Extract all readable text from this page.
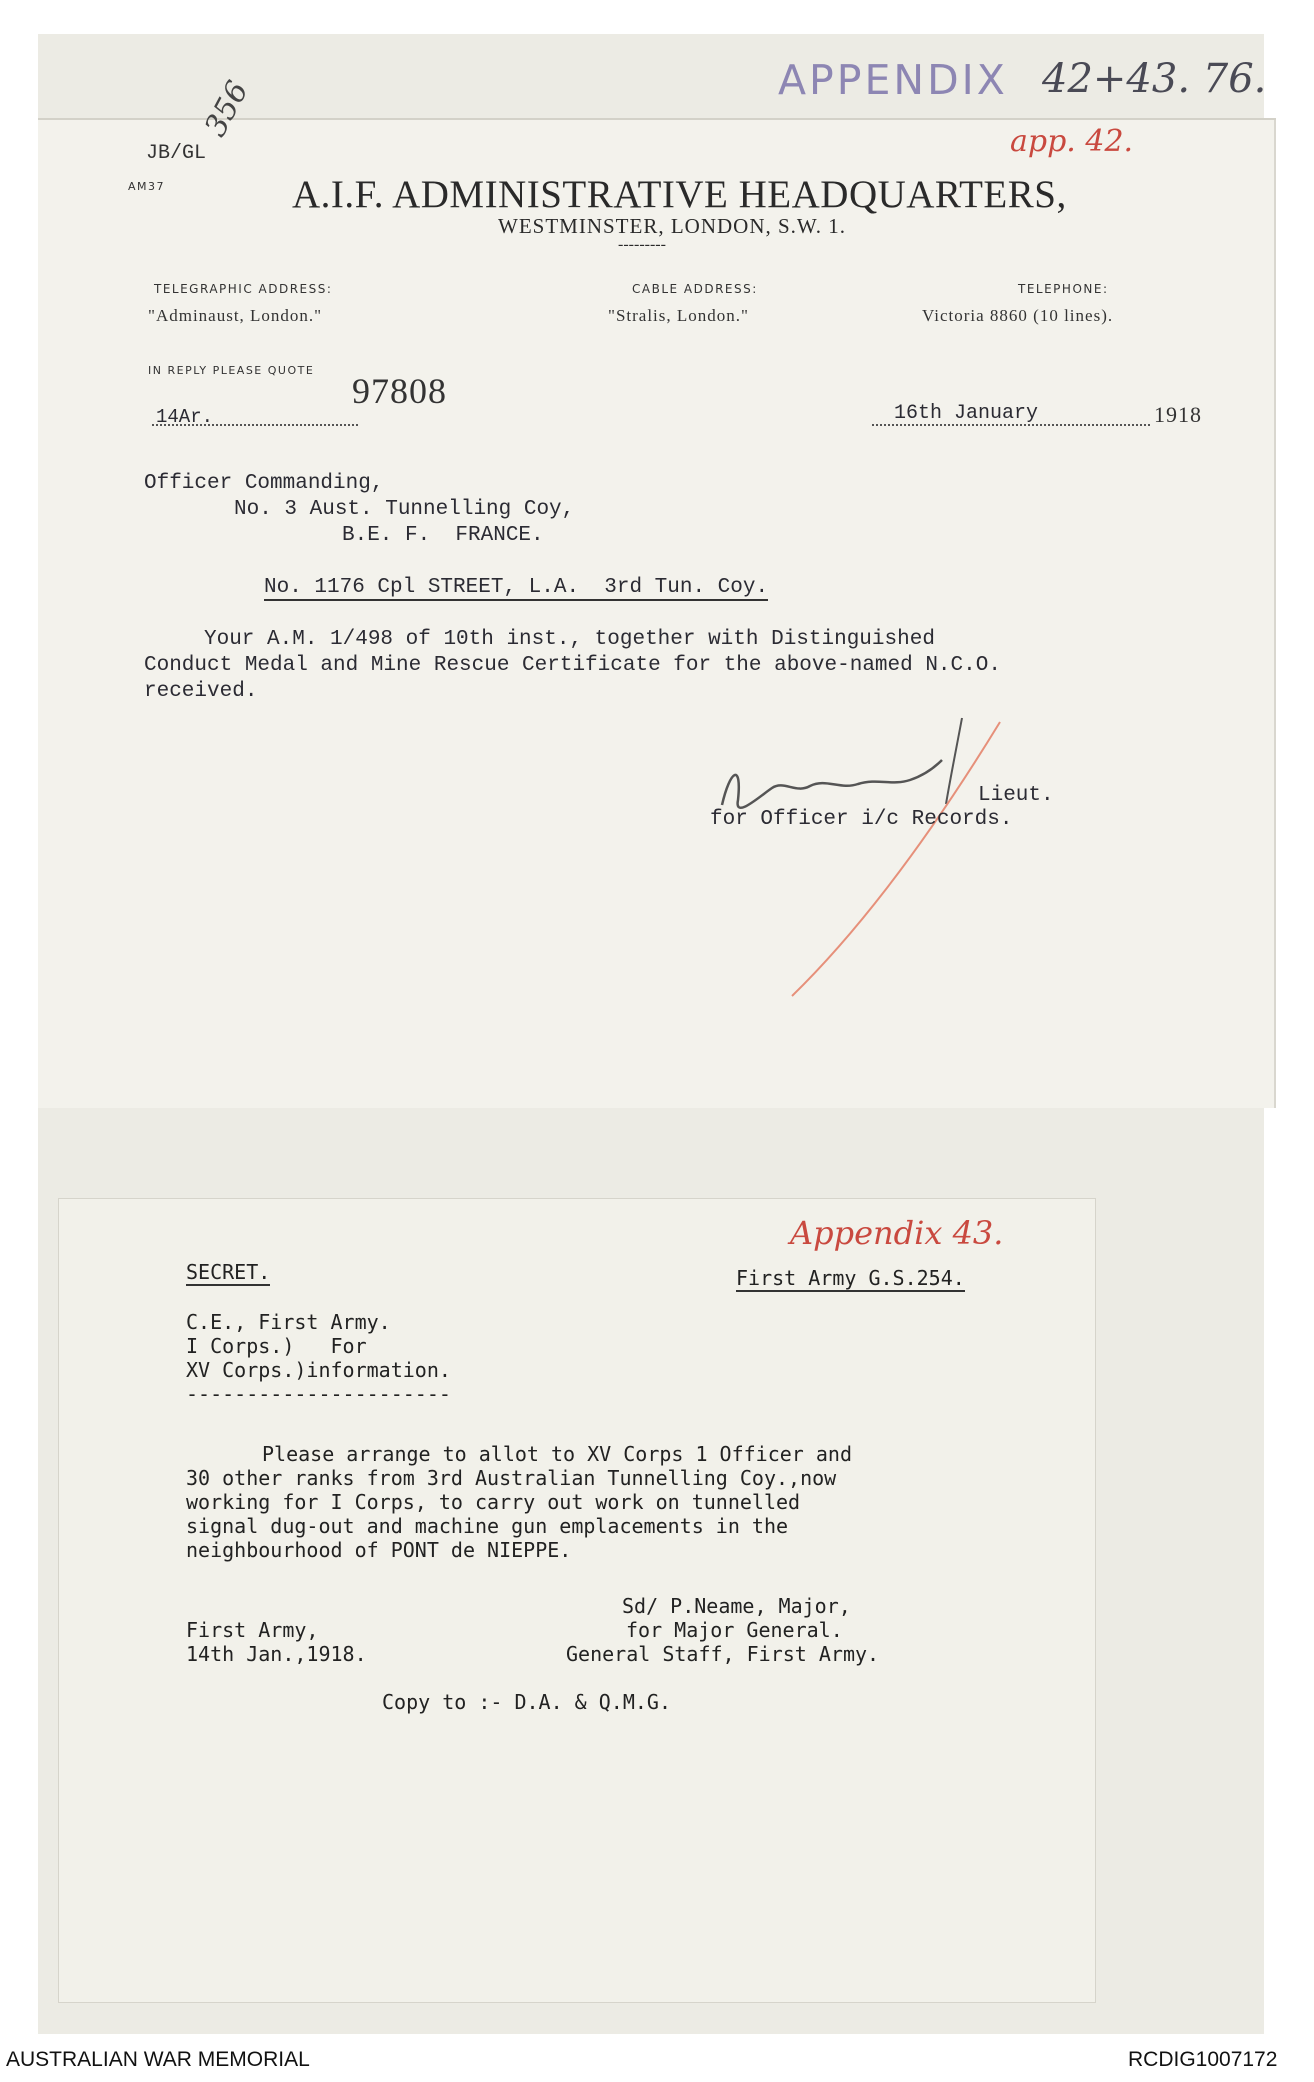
APPENDIX 42+43. 76.
app. 42.
JB/GL
356
AM37	A.I.F. ADMINISTRATIVE HEADQUARTERS,
WESTMINSTER, LONDON, S.W. 1.
---------
TELEGRAPHIC ADDRESS:
"Adminaust, London."
CABLE ADDRESS:
"Stralis, London."
TELEPHONE:
Victoria 8860 (10 lines).
IN REPLY PLEASE QUOTE
14Ar.
97808
16th January	1918
Officer Commanding,
No. 3 Aust. Tunnelling Coy,
B.E. F.  FRANCE.
No. 1176 Cpl STREET, L.A.  3rd Tun. Coy.
Your A.M. 1/498 of 10th inst., together with Distinguished
Conduct Medal and Mine Rescue Certificate for the above-named N.C.O.
received.
Lieut.
for Officer i/c Records.
Appendix 43.
SECRET.	First Army G.S.254.
C.E., First Army.
I Corps.)   For
XV Corps.)information.
----------------------
Please arrange to allot to XV Corps 1 Officer and
30 other ranks from 3rd Australian Tunnelling Coy.,now
working for I Corps, to carry out work on tunnelled
signal dug-out and machine gun emplacements in the
neighbourhood of PONT de NIEPPE.
Sd/ P.Neame, Major,
First Army,	for Major General.
14th Jan.,1918.	General Staff, First Army.
Copy to :- D.A. & Q.M.G.
AUSTRALIAN WAR MEMORIAL	RCDIG1007172
